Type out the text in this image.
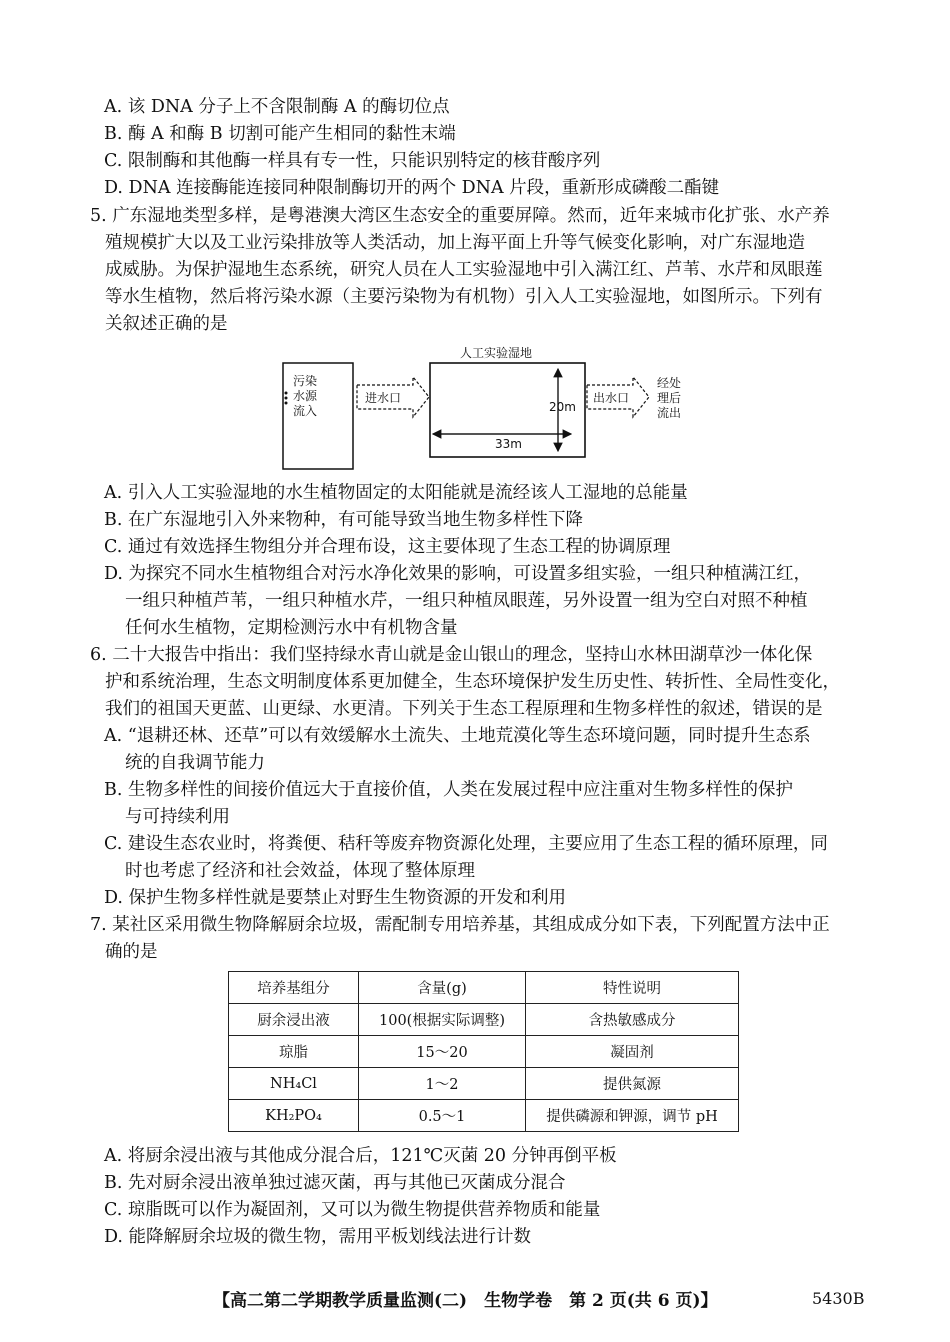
A. 该 DNA 分子上不含限制酶 A 的酶切位点
B. 酶 A 和酶 B 切割可能产生相同的黏性末端
C. 限制酶和其他酶一样具有专一性，只能识别特定的核苷酸序列
D. DNA 连接酶能连接同种限制酶切开的两个 DNA 片段，重新形成磷酸二酯键
5. 广东湿地类型多样，是粤港澳大湾区生态安全的重要屏障。然而，近年来城市化扩张、水产养
殖规模扩大以及工业污染排放等人类活动，加上海平面上升等气候变化影响，对广东湿地造
成威胁。为保护湿地生态系统，研究人员在人工实验湿地中引入满江红、芦苇、水芹和凤眼莲
等水生植物，然后将污染水源（主要污染物为有机物）引入人工实验湿地，如图所示。下列有
关叙述正确的是
污染
水源
流入
进水口
人工实验湿地
20m
33m
出水口
经处
理后
流出
A. 引入人工实验湿地的水生植物固定的太阳能就是流经该人工湿地的总能量
B. 在广东湿地引入外来物种，有可能导致当地生物多样性下降
C. 通过有效选择生物组分并合理布设，这主要体现了生态工程的协调原理
D. 为探究不同水生植物组合对污水净化效果的影响，可设置多组实验，一组只种植满江红，
一组只种植芦苇，一组只种植水芹，一组只种植凤眼莲，另外设置一组为空白对照不种植
任何水生植物，定期检测污水中有机物含量
6. 二十大报告中指出：我们坚持绿水青山就是金山银山的理念，坚持山水林田湖草沙一体化保
护和系统治理，生态文明制度体系更加健全，生态环境保护发生历史性、转折性、全局性变化，
我们的祖国天更蓝、山更绿、水更清。下列关于生态工程原理和生物多样性的叙述，错误的是
A. “退耕还林、还草”可以有效缓解水土流失、土地荒漠化等生态环境问题，同时提升生态系
统的自我调节能力
B. 生物多样性的间接价值远大于直接价值，人类在发展过程中应注重对生物多样性的保护
与可持续利用
C. 建设生态农业时，将粪便、秸秆等废弃物资源化处理，主要应用了生态工程的循环原理，同
时也考虑了经济和社会效益，体现了整体原理
D. 保护生物多样性就是要禁止对野生生物资源的开发和利用
7. 某社区采用微生物降解厨余垃圾，需配制专用培养基，其组成成分如下表，下列配置方法中正
确的是
培养基组分	含量(g)	特性说明
厨余浸出液	100(根据实际调整)	含热敏感成分
琼脂	15～20	凝固剂
NH₄Cl	1～2	提供氮源
KH₂PO₄	0.5～1	提供磷源和钾源，调节 pH
A. 将厨余浸出液与其他成分混合后，121℃灭菌 20 分钟再倒平板
B. 先对厨余浸出液单独过滤灭菌，再与其他已灭菌成分混合
C. 琼脂既可以作为凝固剂，又可以为微生物提供营养物质和能量
D. 能降解厨余垃圾的微生物，需用平板划线法进行计数
【高二第二学期教学质量监测(二)　生物学卷　第 2 页(共 6 页)】	5430B
